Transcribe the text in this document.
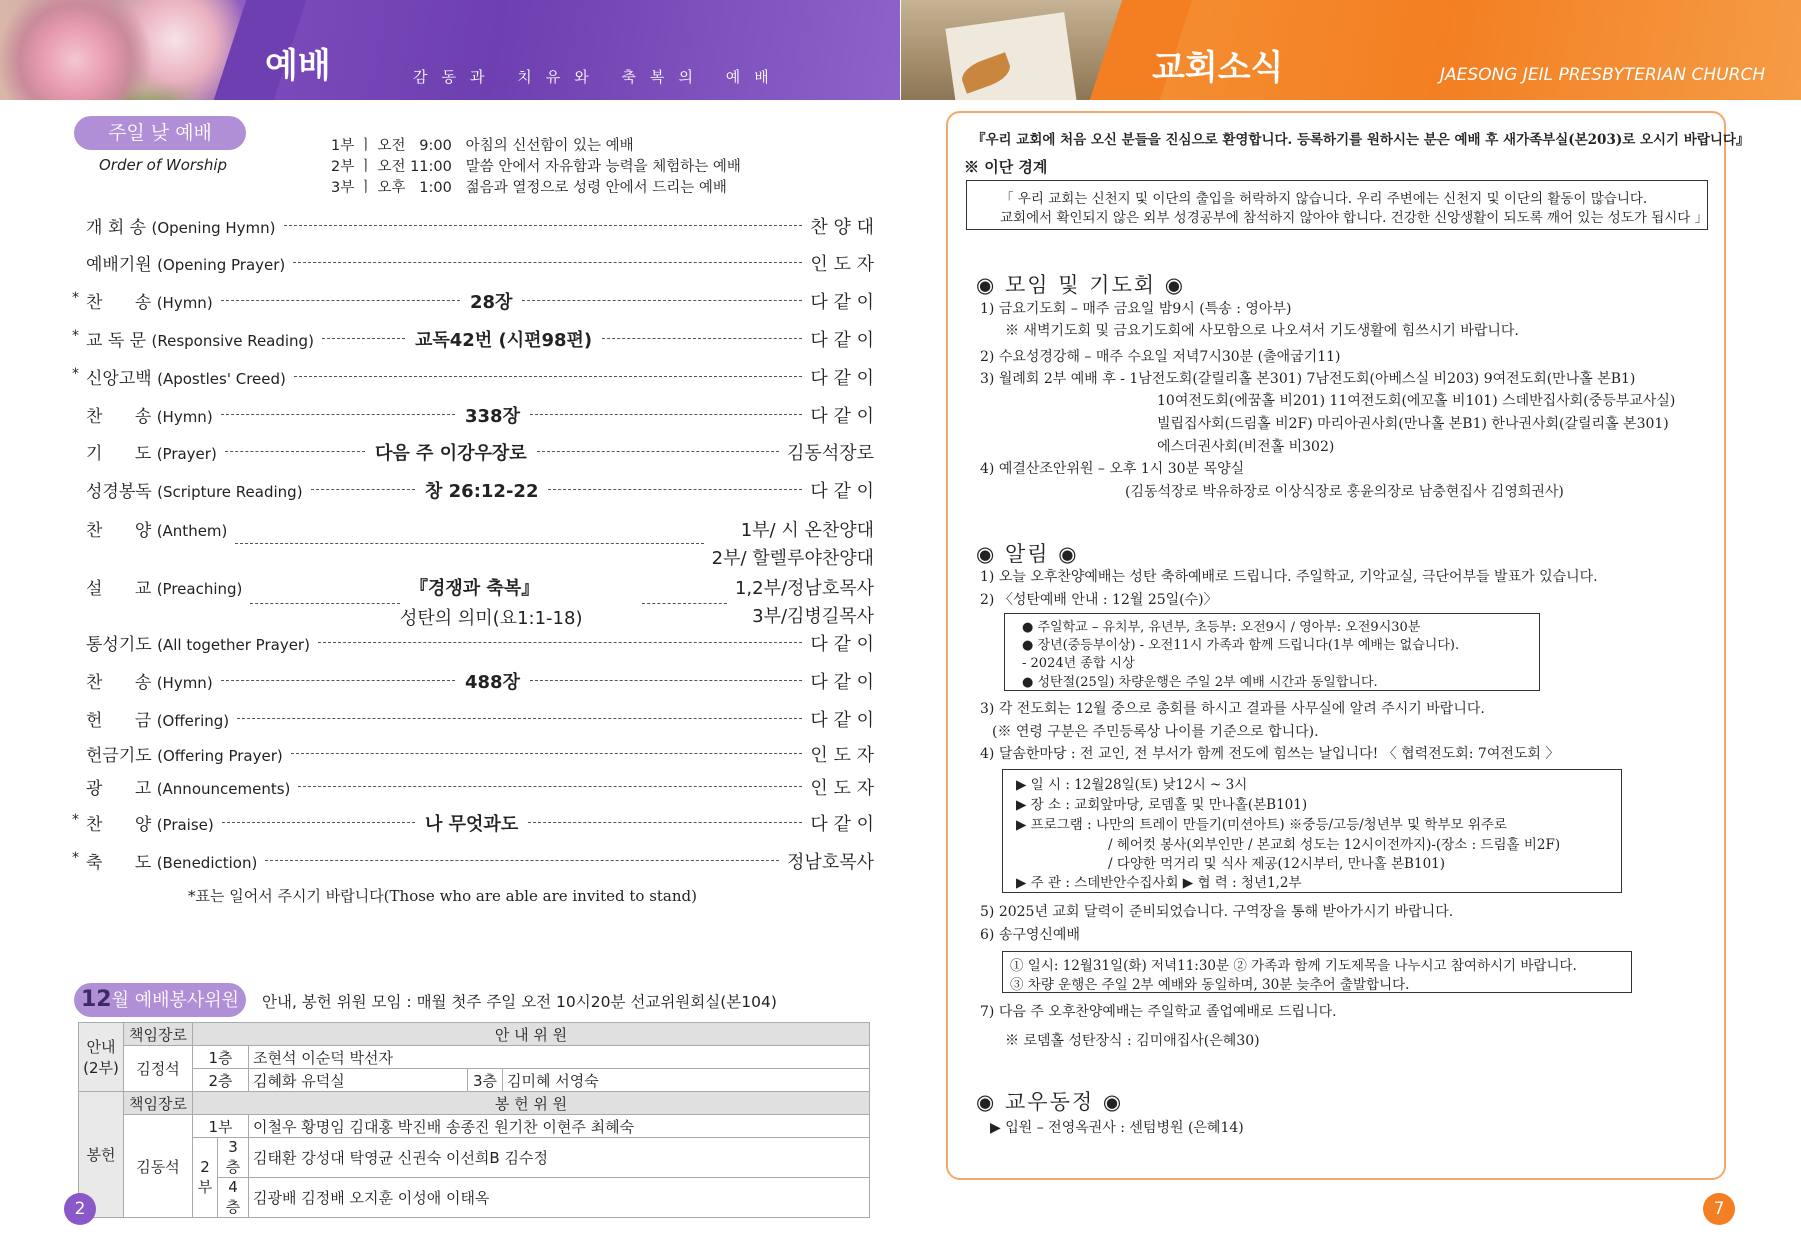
예배	감동과 치유와 축복의 예배	교회소식	JAESONG JEIL PRESBYTERIAN CHURCH
주일 낮 예배
Order of Worship
1부 ㅣ 오전   9:00   아침의 신선함이 있는 예배
2부 ㅣ 오전 11:00   말씀 안에서 자유함과 능력을 체험하는 예배
3부 ㅣ 오후   1:00   젊음과 열정으로 성령 안에서 드리는 예배
개 회 송 (Opening Hymn)	찬 양 대
예배기원 (Opening Prayer)	인 도 자
* 찬      송 (Hymn)	28장	다 같 이
* 교 독 문 (Responsive Reading)	교독42번 (시편98편)	다 같 이
* 신앙고백 (Apostles' Creed)	다 같 이
찬      송 (Hymn)	338장	다 같 이
기      도 (Prayer)	다음 주 이강우장로	김동석장로
성경봉독 (Scripture Reading)	창 26:12-22	다 같 이
찬      양 (Anthem)	1부/ 시 온찬양대
2부/ 할렐루야찬양대
설      교 (Preaching)	『경쟁과 축복』
성탄의 의미(요1:1-18)
1,2부/정남호목사
3부/김병길목사
통성기도 (All together Prayer)	다 같 이
찬      송 (Hymn)	488장	다 같 이
헌      금 (Offering)	다 같 이
헌금기도 (Offering Prayer)	인 도 자
광      고 (Announcements)	인 도 자
* 찬      양 (Praise)	나 무엇과도	다 같 이
* 축      도 (Benediction)	정남호목사
*표는 일어서 주시기 바랍니다(Those who are able are invited to stand)
12월 예배봉사위원	안내, 봉헌 위원 모임 : 매월 첫주 주일 오전 10시20분 선교위원회실(본104)
안내
(2부)	책임장로	안 내 위 원				
	김정석	1층		조현석 이순덕 박선자		
		2층		김혜화 유덕실	3층	김미혜 서영숙
봉헌	책임장로	봉 헌 위 원				
	김동석	1부		이철우 황명임 김대홍 박진배 송종진 원기찬 이현주 최혜숙		
		2부	3층	김태환 강성대 탁영균 신권숙 이선희B 김수정		
			4층	김광배 김정배 오지훈 이성애 이태옥		
2	7
『우리 교회에 처음 오신 분들을 진심으로 환영합니다. 등록하기를 원하시는 분은 예배 후 새가족부실(본203)로 오시기 바랍니다』
※ 이단 경계
「 우리 교회는 신천지 및 이단의 출입을 허락하지 않습니다. 우리 주변에는 신천지 및 이단의 활동이 많습니다.
교회에서 확인되지 않은 외부 성경공부에 참석하지 않아야 합니다. 건강한 신앙생활이 되도록 깨어 있는 성도가 됩시다 」
◉ 모임 및 기도회 ◉
1) 금요기도회 – 매주 금요일 밤9시 (특송 : 영아부)
※ 새벽기도회 및 금요기도회에 사모함으로 나오셔서 기도생활에 힘쓰시기 바랍니다.
2) 수요성경강해 – 매주 수요일 저녁7시30분 (출애굽기11)
3) 월례회 2부 예배 후 - 1남전도회(갈릴리홀 본301) 7남전도회(아베스실 비203) 9여전도회(만나홀 본B1)
10여전도회(에꿈홀 비201) 11여전도회(에꼬홀 비101) 스데반집사회(중등부교사실)
빌립집사회(드림홀 비2F) 마리아권사회(만나홀 본B1) 한나권사회(갈릴리홀 본301)
에스더권사회(비전홀 비302)
4) 예결산조안위원 – 오후 1시 30분 목양실
(김동석장로 박유하장로 이상식장로 홍윤의장로 남충현집사 김영희권사)
◉ 알림 ◉
1) 오늘 오후찬양예배는 성탄 축하예배로 드립니다. 주일학교, 기악교실, 극단어부들 발표가 있습니다.
2) 〈성탄예배 안내 : 12월 25일(수)〉
● 주일학교 – 유치부, 유년부, 초등부: 오전9시 / 영아부: 오전9시30분
● 장년(중등부이상) - 오전11시 가족과 함께 드립니다(1부 예배는 없습니다).
- 2024년 종합 시상
● 성탄절(25일) 차량운행은 주일 2부 예배 시간과 동일합니다.
3) 각 전도회는 12월 중으로 총회를 하시고 결과를 사무실에 알려 주시기 바랍니다.
(※ 연령 구분은 주민등록상 나이를 기준으로 합니다).
4) 달솜한마당 : 전 교인, 전 부서가 함께 전도에 힘쓰는 날입니다! 〈 협력전도회: 7여전도회 〉
▶ 일 시 : 12월28일(토) 낮12시 ~ 3시
▶ 장 소 : 교회앞마당, 로뎀홀 및 만나홀(본B101)
▶ 프로그램 : 나만의 트레이 만들기(미션아트) ※중등/고등/청년부 및 학부모 위주로
/ 헤어컷 봉사(외부인만 / 본교회 성도는 12시이전까지)-(장소 : 드림홀 비2F)
/ 다양한 먹거리 및 식사 제공(12시부터, 만나홀 본B101)
▶ 주 관 : 스데반안수집사회 ▶ 협 력 : 청년1,2부
5) 2025년 교회 달력이 준비되었습니다. 구역장을 통해 받아가시기 바랍니다.
6) 송구영신예배
① 일시: 12월31일(화) 저녁11:30분 ② 가족과 함께 기도제목을 나누시고 참여하시기 바랍니다.
③ 차량 운행은 주일 2부 예배와 동일하며, 30분 늦추어 출발합니다.
7) 다음 주 오후찬양예배는 주일학교 졸업예배로 드립니다.
※ 로뎀홀 성탄장식 : 김미애집사(은혜30)
◉ 교우동정 ◉
▶ 입원 – 전영옥권사 : 센텀병원 (은혜14)
